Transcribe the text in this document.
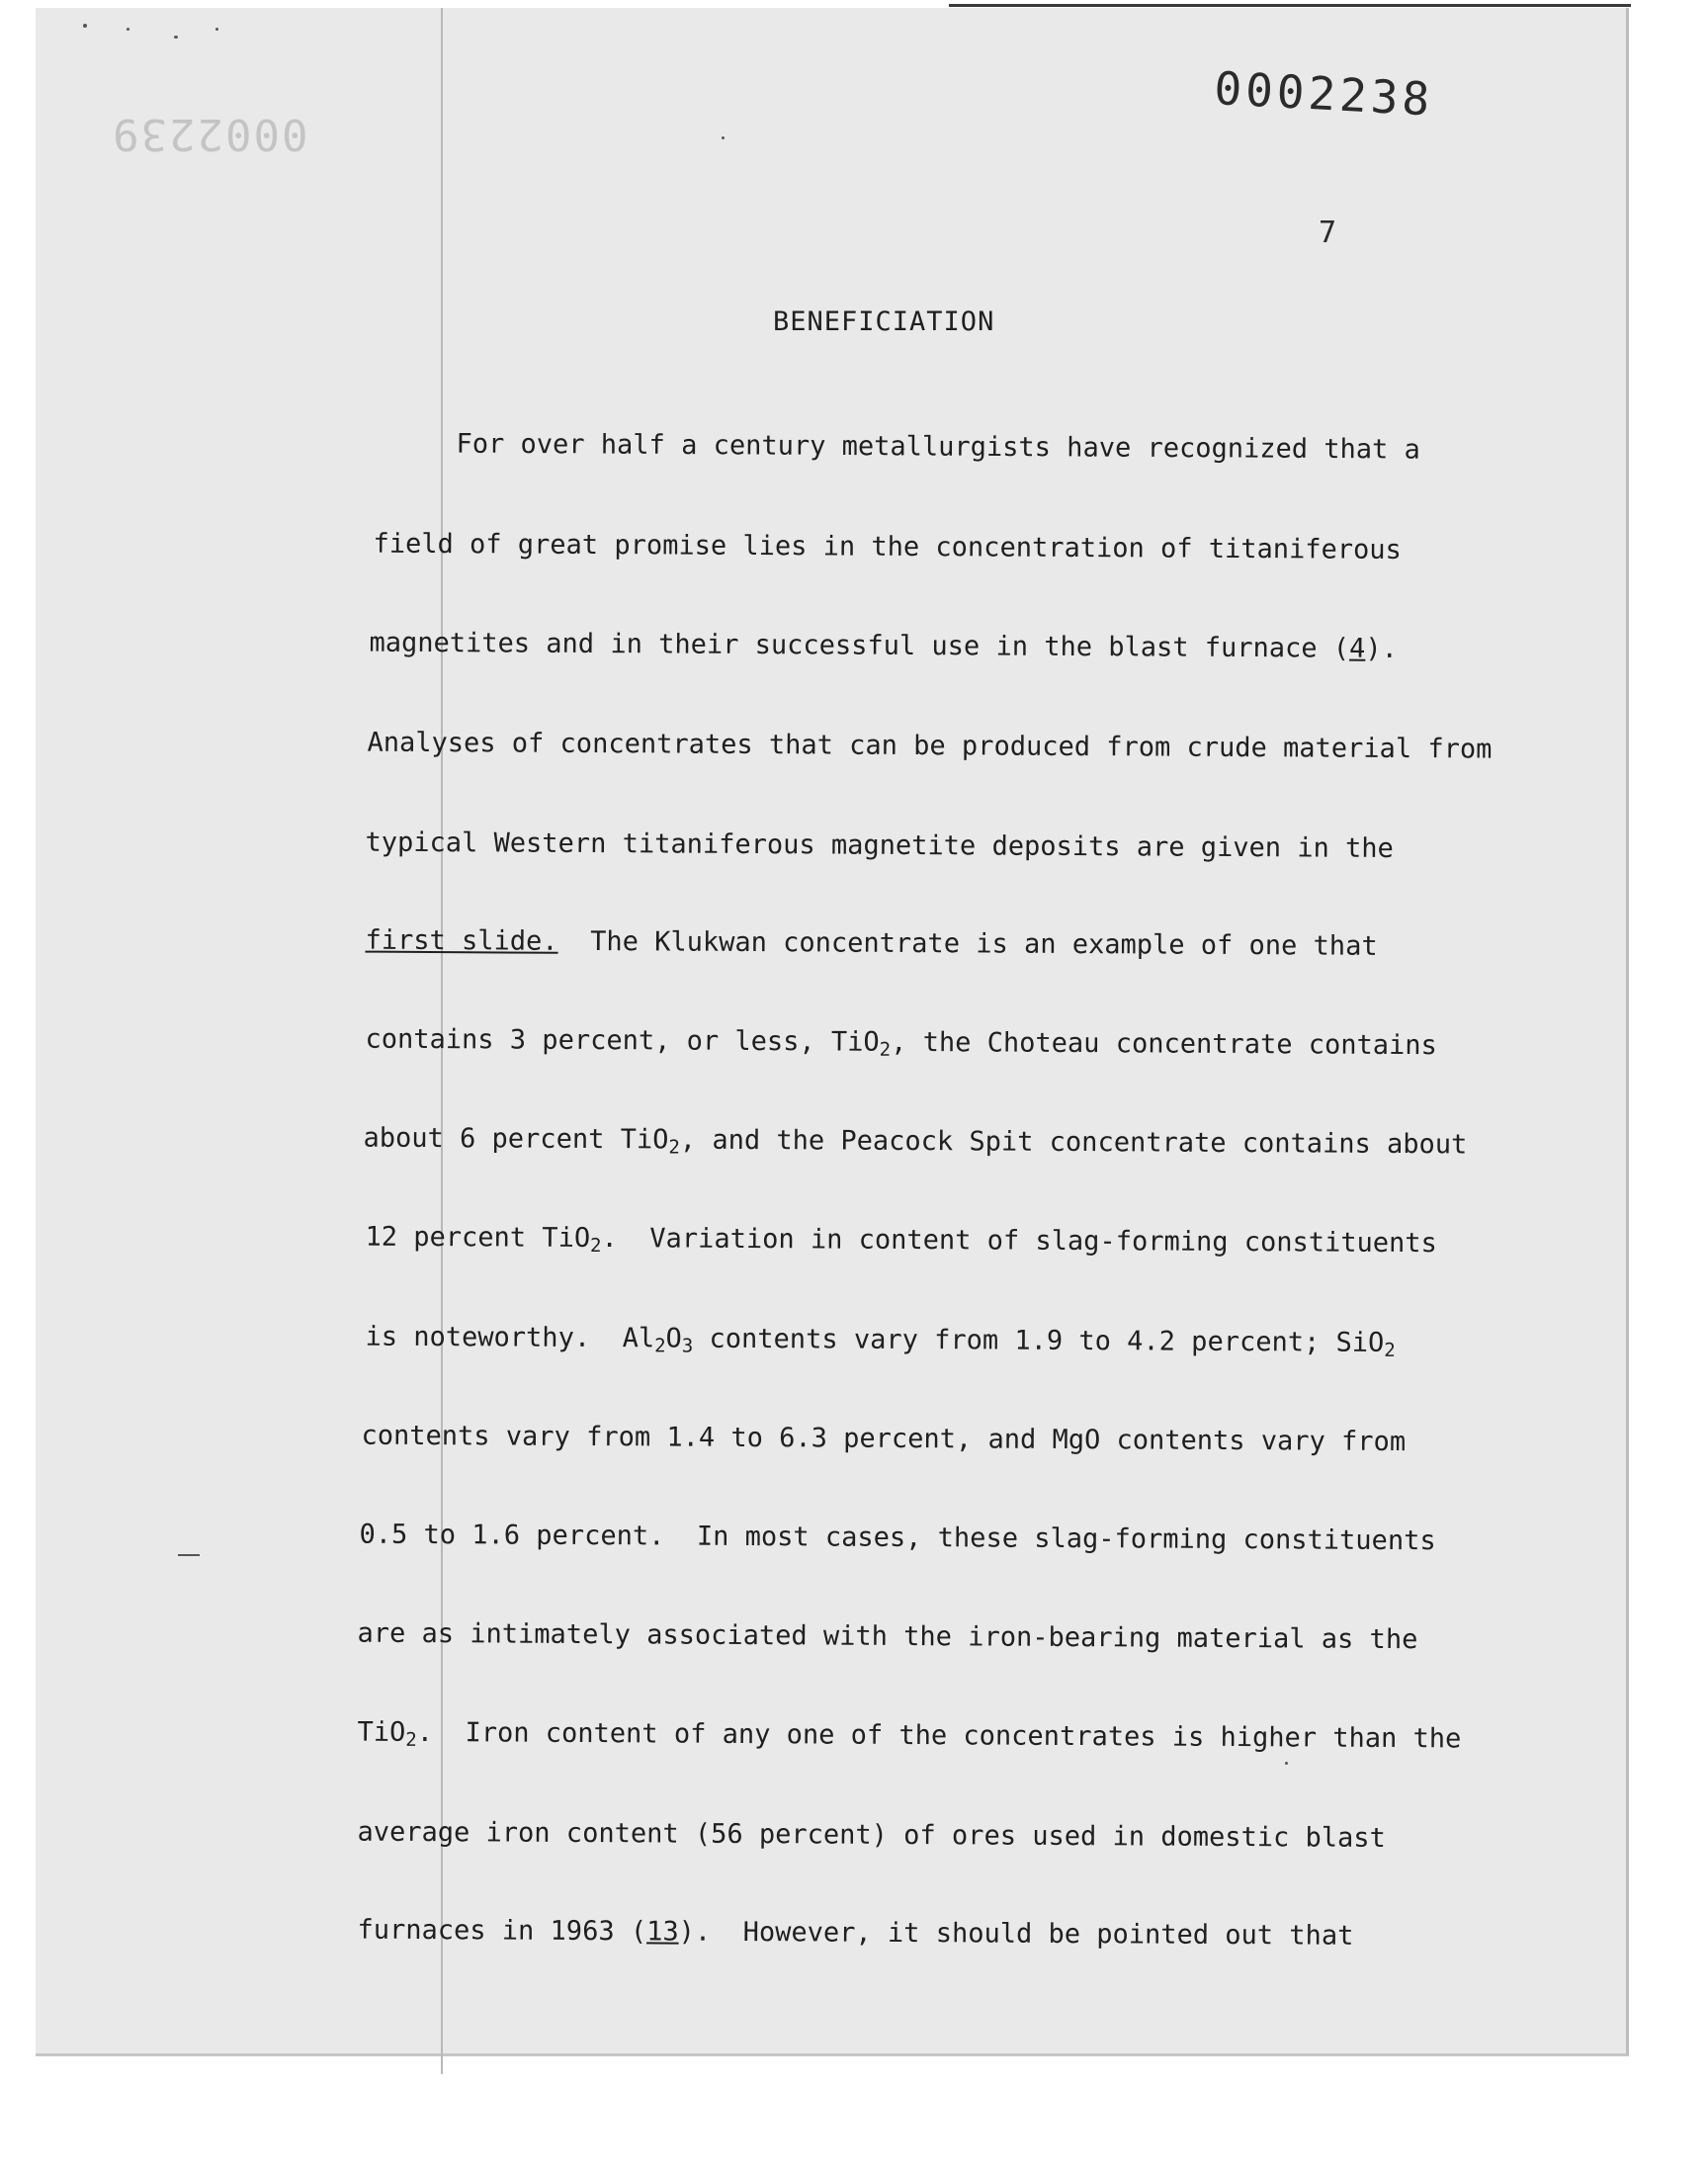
0002239
0002238
7
BENEFICIATION

For over half a century metallurgists have recognized that a

field of great promise lies in the concentration of titaniferous

magnetites and in their successful use in the blast furnace (4).

Analyses of concentrates that can be produced from crude material from

typical Western titaniferous magnetite deposits are given in the

first slide.  The Klukwan concentrate is an example of one that

contains 3 percent, or less, TiO$_2$, the Choteau concentrate contains

about 6 percent TiO$_2$, and the Peacock Spit concentrate contains about

12 percent TiO$_2$.  Variation in content of slag-forming constituents

is noteworthy.  $Al_2O_3$ contents vary from 1.9 to 4.2 percent; SiO$_2$

contents vary from 1.4 to 6.3 percent, and MgO contents vary from

0.5 to 1.6 percent.  In most cases, these slag-forming constituents

are as intimately associated with the iron-bearing material as the

TiO$_2$.  Iron content of any one of the concentrates is higher than the

average iron content (56 percent) of ores used in domestic blast

furnaces in 1963 (13).  However, it should be pointed out that
